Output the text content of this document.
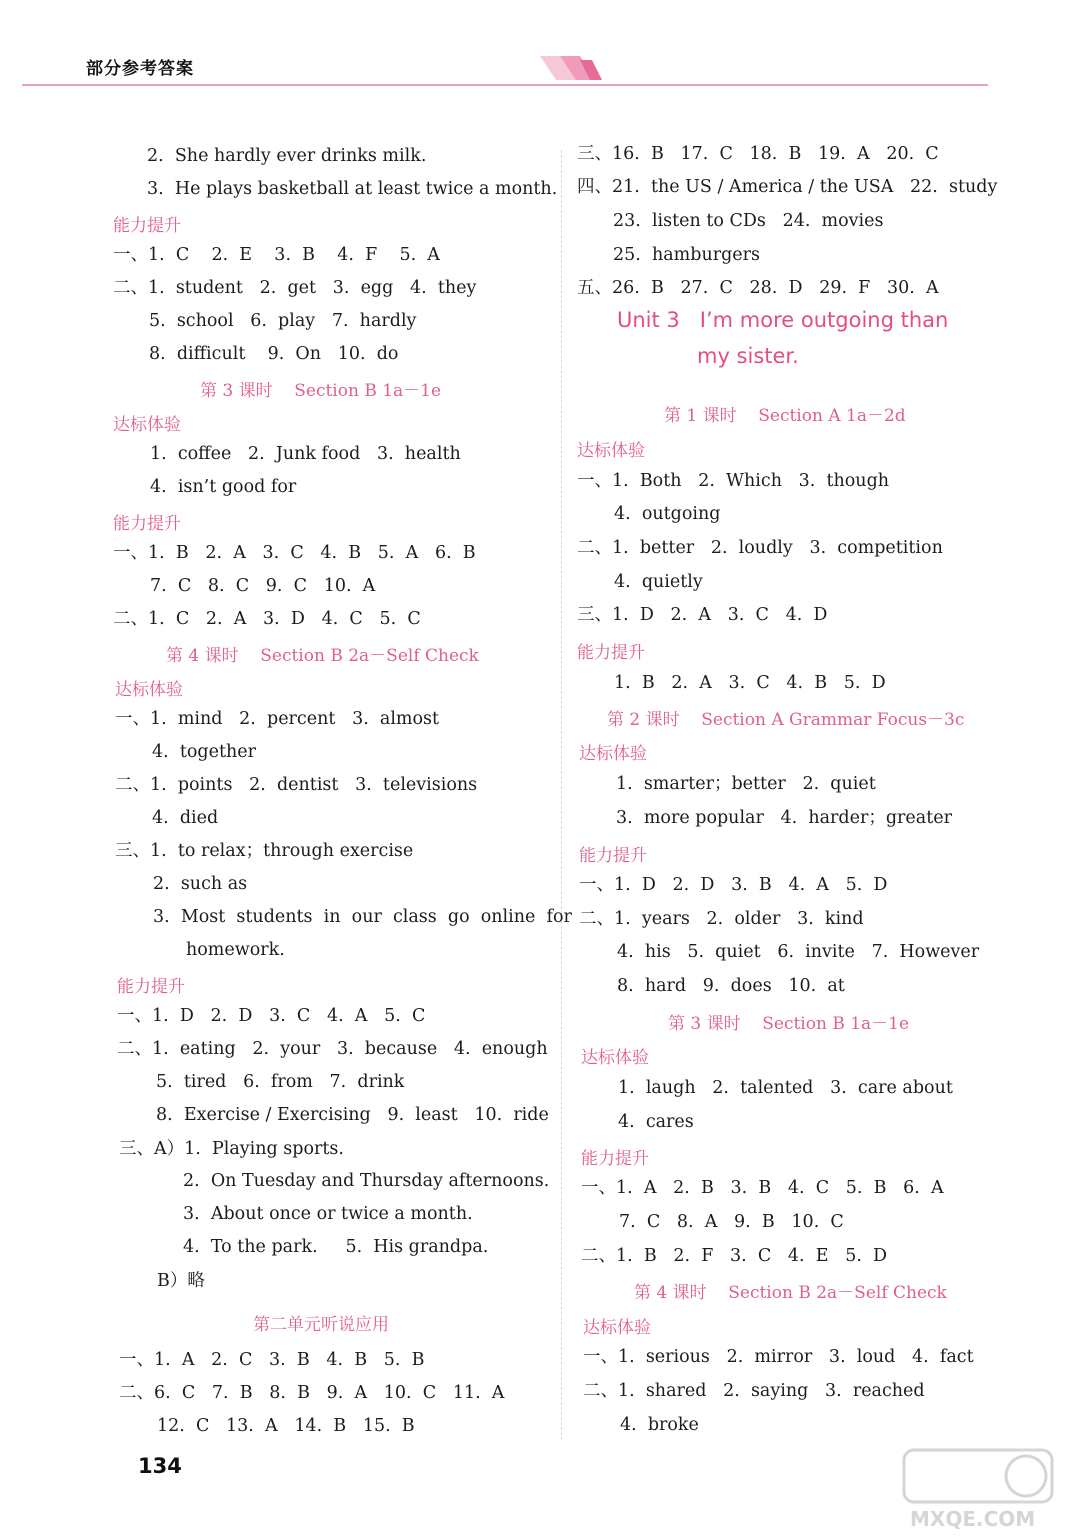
部分参考答案
2.  She hardly ever drinks milk.
3.  He plays basketball at least twice a month.
能力提升
一、1.  C    2.  E    3.  B    4.  F    5.  A
二、1.  student   2.  get   3.  egg   4.  they
5.  school   6.  play   7.  hardly
8.  difficult    9.  On   10.  do
第 3 课时    Section B 1a－1e
达标体验
1.  coffee   2.  Junk food   3.  health
4.  isn’t good for
能力提升
一、1.  B   2.  A   3.  C   4.  B   5.  A   6.  B
7.  C   8.  C   9.  C   10.  A
二、1.  C   2.  A   3.  D   4.  C   5.  C
第 4 课时    Section B 2a－Self Check
达标体验
一、1.  mind   2.  percent   3.  almost
4.  together
二、1.  points   2.  dentist   3.  televisions
4.  died
三、1.  to relax；through exercise
2.  such as
3.  Most  students  in  our  class  go  online  for
homework.
能力提升
一、1.  D   2.  D   3.  C   4.  A   5.  C
二、1.  eating   2.  your   3.  because   4.  enough
5.  tired   6.  from   7.  drink
8.  Exercise / Exercising   9.  least   10.  ride
三、A）1.  Playing sports.
2.  On Tuesday and Thursday afternoons.
3.  About once or twice a month.
4.  To the park.     5.  His grandpa.
B）略
第二单元听说应用
一、1.  A   2.  C   3.  B   4.  B   5.  B
二、6.  C   7.  B   8.  B   9.  A   10.  C   11.  A
12.  C   13.  A   14.  B   15.  B
三、16.  B   17.  C   18.  B   19.  A   20.  C
四、21.  the US / America / the USA   22.  study
23.  listen to CDs   24.  movies
25.  hamburgers
五、26.  B   27.  C   28.  D   29.  F   30.  A
Unit 3   I’m more outgoing than
my sister.
第 1 课时    Section A 1a－2d
达标体验
一、1.  Both   2.  Which   3.  though
4.  outgoing
二、1.  better   2.  loudly   3.  competition
4.  quietly
三、1.  D   2.  A   3.  C   4.  D
能力提升
1.  B   2.  A   3.  C   4.  B   5.  D
第 2 课时    Section A Grammar Focus－3c
达标体验
1.  smarter；better   2.  quiet
3.  more popular   4.  harder；greater
能力提升
一、1.  D   2.  D   3.  B   4.  A   5.  D
二、1.  years   2.  older   3.  kind
4.  his   5.  quiet   6.  invite   7.  However
8.  hard   9.  does   10.  at
第 3 课时    Section B 1a－1e
达标体验
1.  laugh   2.  talented   3.  care about
4.  cares
能力提升
一、1.  A   2.  B   3.  B   4.  C   5.  B   6.  A
7.  C   8.  A   9.  B   10.  C
二、1.  B   2.  F   3.  C   4.  E   5.  D
第 4 课时    Section B 2a－Self Check
达标体验
一、1.  serious   2.  mirror   3.  loud   4.  fact
二、1.  shared   2.  saying   3.  reached
4.  broke
134
MXQE.COM
